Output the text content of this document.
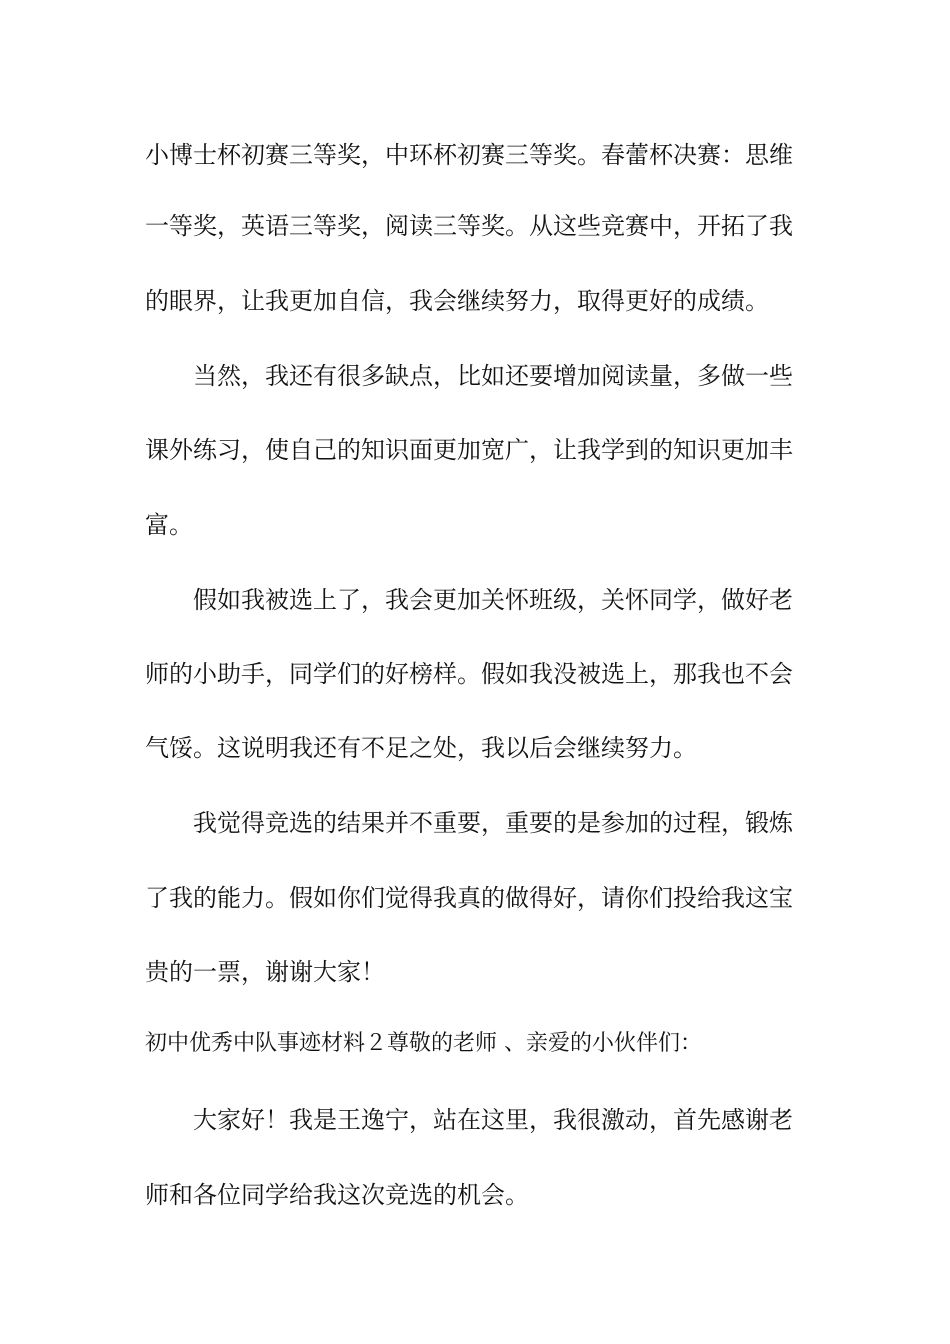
小博士杯初赛三等奖，中环杯初赛三等奖。春蕾杯决赛：思维
一等奖，英语三等奖，阅读三等奖。从这些竞赛中，开拓了我
的眼界，让我更加自信，我会继续努力，取得更好的成绩。
当然，我还有很多缺点，比如还要增加阅读量，多做一些
课外练习，使自己的知识面更加宽广，让我学到的知识更加丰
富。
假如我被选上了，我会更加关怀班级，关怀同学，做好老
师的小助手，同学们的好榜样。假如我没被选上，那我也不会
气馁。这说明我还有不足之处，我以后会继续努力。
我觉得竞选的结果并不重要，重要的是参加的过程，锻炼
了我的能力。假如你们觉得我真的做得好，请你们投给我这宝
贵的一票，谢谢大家！
初中优秀中队事迹材料２尊敬的老师 、亲爱的小伙伴们：
大家好！我是王逸宁，站在这里，我很激动，首先感谢老
师和各位同学给我这次竞选的机会。
